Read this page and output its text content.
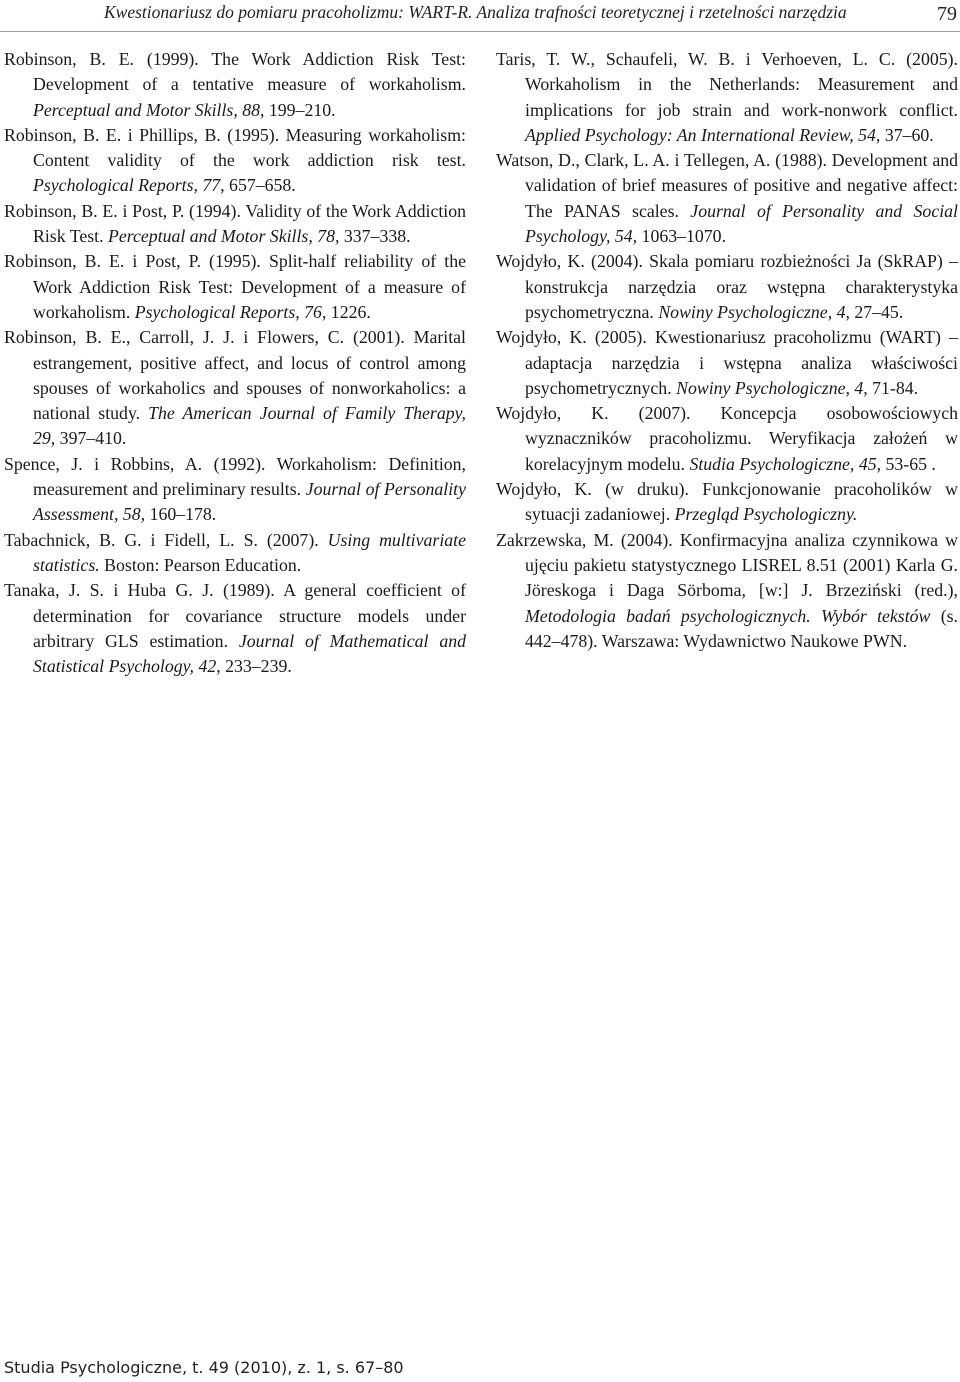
Kwestionariusz do pomiaru pracoholizmu: WART-R. Analiza trafności teoretycznej i rzetelności narzędzia	79

Robinson, B. E. (1999). The Work Addiction Risk Test: Development of a tentative measure of workaholism. Perceptual and Motor Skills, 88, 199–210.

Robinson, B. E. i Phillips, B. (1995). Measuring workaholism: Content validity of the work addiction risk test. Psychological Reports, 77, 657–658.

Robinson, B. E. i Post, P. (1994). Validity of the Work Addiction Risk Test. Perceptual and Motor Skills, 78, 337–338.

Robinson, B. E. i Post, P. (1995). Split-half reliability of the Work Addiction Risk Test: Development of a measure of workaholism. Psychological Reports, 76, 1226.

Robinson, B. E., Carroll, J. J. i Flowers, C. (2001). Marital estrangement, positive affect, and locus of control among spouses of workaholics and spouses of nonworkaholics: a national study. The American Journal of Family Therapy, 29, 397–410.

Spence, J. i Robbins, A. (1992). Workaholism: Definition, measurement and preliminary results. Journal of Personality Assessment, 58, 160–178.

Tabachnick, B. G. i Fidell, L. S. (2007). Using multivariate statistics. Boston: Pearson Education.

Tanaka, J. S. i Huba G. J. (1989). A general coefficient of determination for covariance structure models under arbitrary GLS estimation. Journal of Mathematical and Statistical Psychology, 42, 233–239.

Taris, T. W., Schaufeli, W. B. i Verhoeven, L. C. (2005). Workaholism in the Netherlands: Measurement and implications for job strain and work-nonwork conflict. Applied Psychology: An International Review, 54, 37–60.

Watson, D., Clark, L. A. i Tellegen, A. (1988). Development and validation of brief measures of positive and negative affect: The PANAS scales. Journal of Personality and Social Psychology, 54, 1063–1070.

Wojdyło, K. (2004). Skala pomiaru rozbieżności Ja (SkRAP) – konstrukcja narzędzia oraz wstępna charakterystyka psychometryczna. Nowiny Psychologiczne, 4, 27–45.

Wojdyło, K. (2005). Kwestionariusz pracoholizmu (WART) – adaptacja narzędzia i wstępna analiza właściwości psychometrycznych. Nowiny Psychologiczne, 4, 71-84.

Wojdyło, K. (2007). Koncepcja osobowościowych wyznaczników pracoholizmu. Weryfikacja założeń w korelacyjnym modelu. Studia Psychologiczne, 45, 53-65 .

Wojdyło, K. (w druku). Funkcjonowanie pracoholików w sytuacji zadaniowej. Przegląd Psychologiczny.

Zakrzewska, M. (2004). Konfirmacyjna analiza czynnikowa w ujęciu pakietu statystycznego LISREL 8.51 (2001) Karla G. Jöreskoga i Daga Sörboma, [w:] J. Brzeziński (red.), Metodologia badań psychologicznych. Wybór tekstów (s. 442–478). Warszawa: Wydawnictwo Naukowe PWN.

Studia Psychologiczne, t. 49 (2010), z. 1, s. 67–80
